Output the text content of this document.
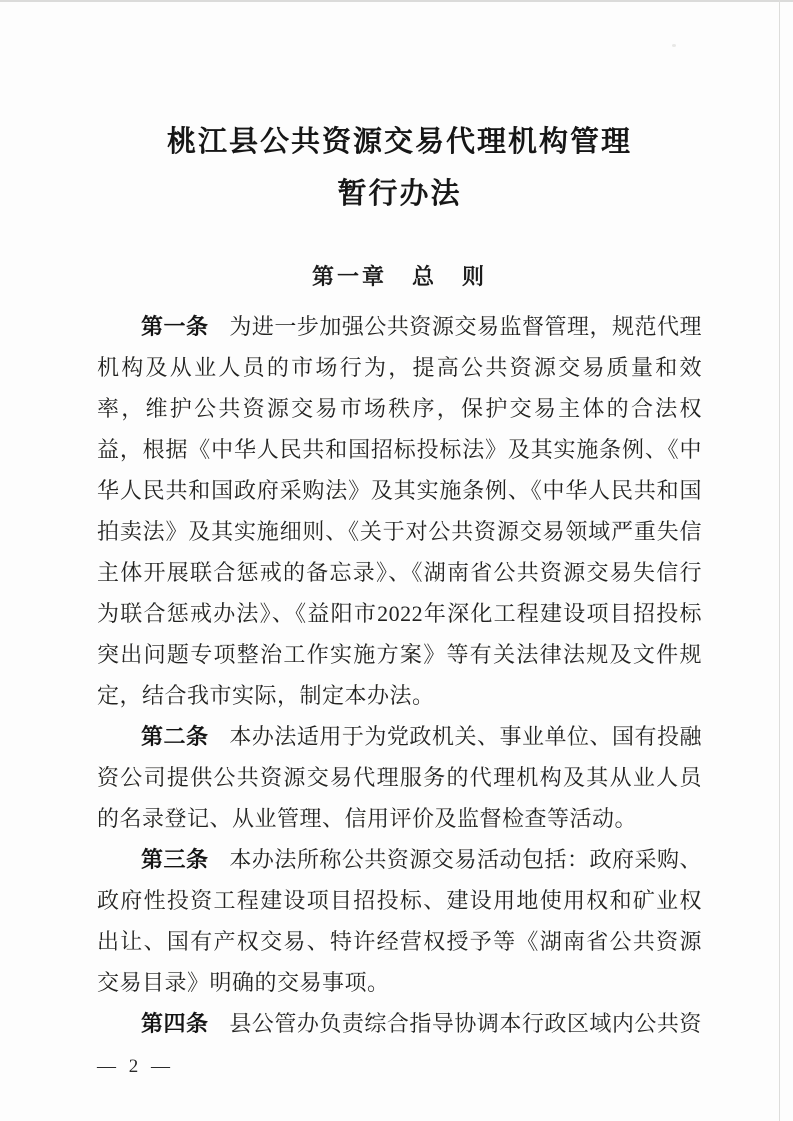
桃江县公共资源交易代理机构管理
暂行办法
第一章　总　则

第一条 为进一步加强公共资源交易监督管理，规范代理机构及从业人员的市场行为，提高公共资源交易质量和效率，维护公共资源交易市场秩序，保护交易主体的合法权益，根据《中华人民共和国招标投标法》及其实施条例、《中华人民共和国政府采购法》及其实施条例、《中华人民共和国拍卖法》及其实施细则、《关于对公共资源交易领域严重失信主体开展联合惩戒的备忘录》、《湖南省公共资源交易失信行为联合惩戒办法》、《益阳市2022年深化工程建设项目招投标突出问题专项整治工作实施方案》等有关法律法规及文件规定，结合我市实际，制定本办法。

第二条 本办法适用于为党政机关、事业单位、国有投融资公司提供公共资源交易代理服务的代理机构及其从业人员的名录登记、从业管理、信用评价及监督检查等活动。

第三条 本办法所称公共资源交易活动包括：政府采购、政府性投资工程建设项目招投标、建设用地使用权和矿业权出让、国有产权交易、特许经营权授予等《湖南省公共资源交易目录》明确的交易事项。

第四条 县公管办负责综合指导协调本行政区域内公共资

— 2 —
